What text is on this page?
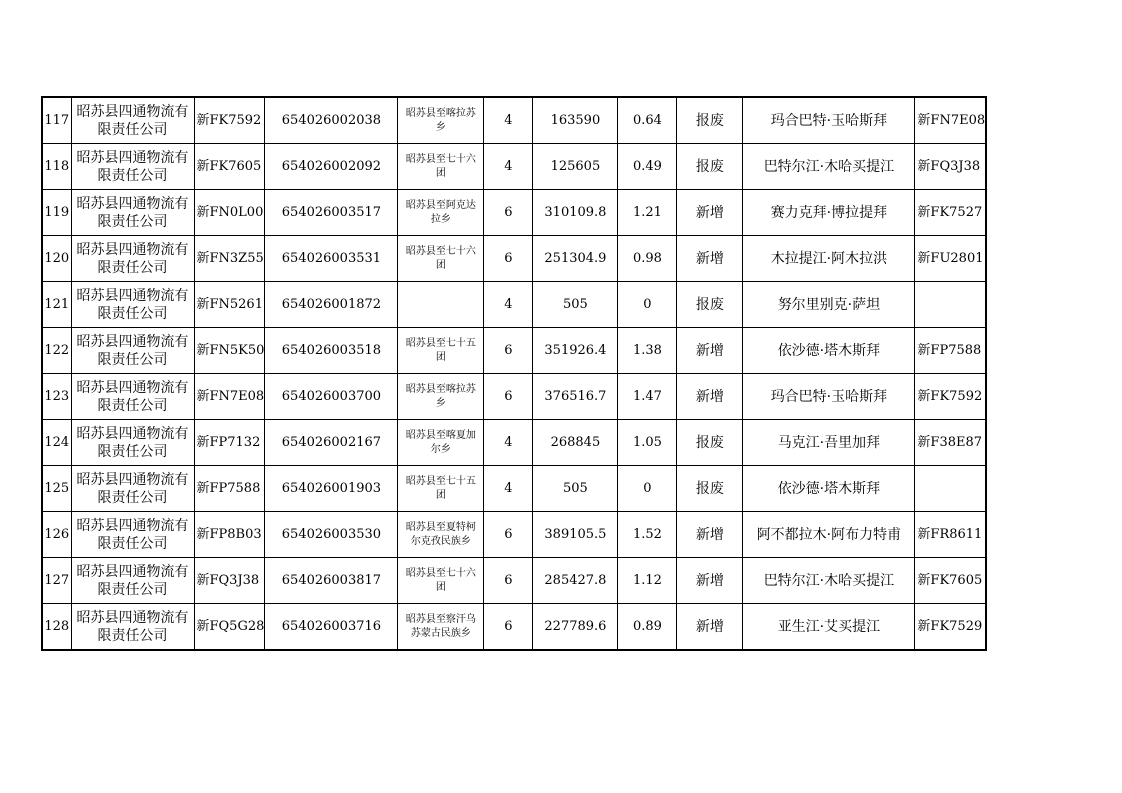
117	昭苏县四通物流有限责任公司	新FK7592	654026002038	昭苏县至喀拉苏乡	4	163590	0.64	报废	玛合巴特·玉哈斯拜	新FN7E08
118	昭苏县四通物流有限责任公司	新FK7605	654026002092	昭苏县至七十六团	4	125605	0.49	报废	巴特尔江·木哈买提江	新FQ3J38
119	昭苏县四通物流有限责任公司	新FN0L00	654026003517	昭苏县至阿克达拉乡	6	310109.8	1.21	新增	赛力克拜·博拉提拜	新FK7527
120	昭苏县四通物流有限责任公司	新FN3Z55	654026003531	昭苏县至七十六团	6	251304.9	0.98	新增	木拉提江·阿木拉洪	新FU2801
121	昭苏县四通物流有限责任公司	新FN5261	654026001872		4	505	0	报废	努尔里别克·萨坦	
122	昭苏县四通物流有限责任公司	新FN5K50	654026003518	昭苏县至七十五团	6	351926.4	1.38	新增	依沙德·塔木斯拜	新FP7588
123	昭苏县四通物流有限责任公司	新FN7E08	654026003700	昭苏县至喀拉苏乡	6	376516.7	1.47	新增	玛合巴特·玉哈斯拜	新FK7592
124	昭苏县四通物流有限责任公司	新FP7132	654026002167	昭苏县至喀夏加尔乡	4	268845	1.05	报废	马克江·吾里加拜	新F38E87
125	昭苏县四通物流有限责任公司	新FP7588	654026001903	昭苏县至七十五团	4	505	0	报废	依沙德·塔木斯拜	
126	昭苏县四通物流有限责任公司	新FP8B03	654026003530	昭苏县至夏特柯尔克孜民族乡	6	389105.5	1.52	新增	阿不都拉木·阿布力特甫	新FR8611
127	昭苏县四通物流有限责任公司	新FQ3J38	654026003817	昭苏县至七十六团	6	285427.8	1.12	新增	巴特尔江·木哈买提江	新FK7605
128	昭苏县四通物流有限责任公司	新FQ5G28	654026003716	昭苏县至察汗乌苏蒙古民族乡	6	227789.6	0.89	新增	亚生江·艾买提江	新FK7529
